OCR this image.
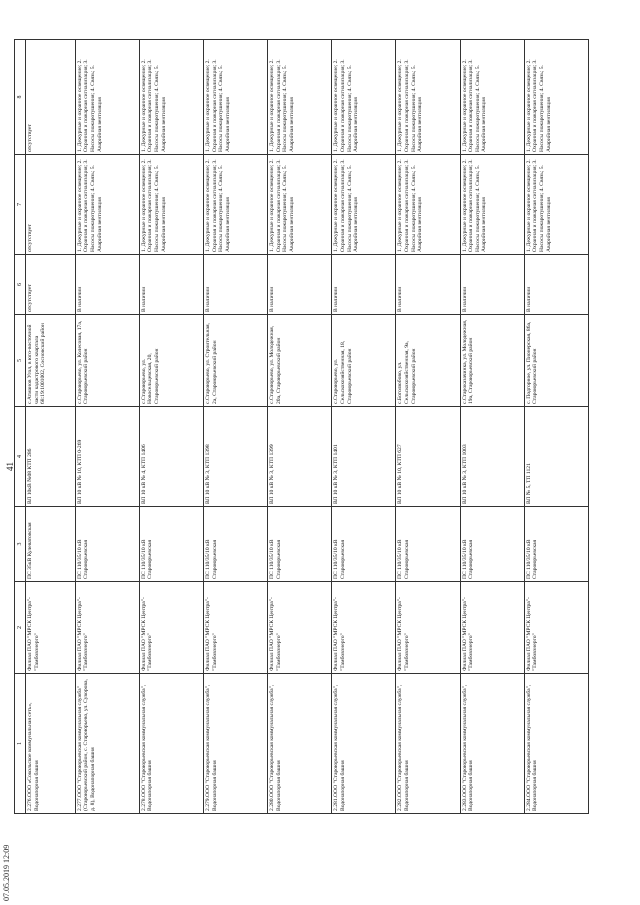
41
1	2	3	4	5	6	7	8
2.276.ООО «Сокольское коммунальная сеть», Водонапорная башня	Филиал ПАО "МРСК Центра"-"Тамбовэнерго"	ПС 35кВ Кулеватовская	ВЛ 10кВ №08 КТП 286	с.Атманов Угол, в юго-восточной части кадастрового квартала 68:19:1001002, Сосновский район	отсутствует	отсутствует	отсутствует
2.277.ООО "Староюрьевская коммунальная служба" (Староюрьевский район, с. Староюрьево, ул. Суворова, д. 8), Водонапорная башня	Филиал ПАО "МРСК Центра"-"Тамбовэнерго"	ПС 110/35/10 кВ Староюрьевская	ВЛ 10 кВ № 10, КТП 0-269	с.Староюрьево, ул. Колесовая, 17а, Староюрьевский район	В наличии	1. Дежурные и охранное освещение; 2. Охранная и пожарная сигнализация; 3. Насосы пожаротушения; 4. Связь; 5. Аварийная вентиляция	1. Дежурные и охранное освещение; 2. Охранная и пожарная сигнализация; 3. Насосы пожаротушения; 4. Связь; 5. Аварийная вентиляция
2.278.ООО "Староюрьевская коммунальная служба", Водонапорная башня	Филиал ПАО "МРСК Центра"-"Тамбовэнерго"	ПС 110/35/10 кВ Староюрьевская	ВЛ 10 кВ № 4, КТП 1406	с.Староюрьево, ул. Новосельцевская, 20, Староюрьевский район	В наличии	1. Дежурные и охранное освещение; 2. Охранная и пожарная сигнализация; 3. Насосы пожаротушения; 4. Связь; 5. Аварийная вентиляция	1. Дежурные и охранное освещение; 2. Охранная и пожарная сигнализация; 3. Насосы пожаротушения; 4. Связь; 5. Аварийная вентиляция
2.279.ООО "Староюрьевская коммунальная служба", Водонапорная башня	Филиал ПАО "МРСК Центра"-"Тамбовэнерго"	ПС 110/35/10 кВ Староюрьевская	ВЛ 10 кВ № 3, КТП 1398	с.Староюрьево, ул. Строительная, 2а, Староюрьевский район	В наличии	1. Дежурные и охранное освещение; 2. Охранная и пожарная сигнализация; 3. Насосы пожаротушения; 4. Связь; 5. Аварийная вентиляция	1. Дежурные и охранное освещение; 2. Охранная и пожарная сигнализация; 3. Насосы пожаротушения; 4. Связь; 5. Аварийная вентиляция
2.280.ООО "Староюрьевская коммунальная служба", Водонапорная башня	Филиал ПАО "МРСК Центра"-"Тамбовэнерго"	ПС 110/35/10 кВ Староюрьевская	ВЛ 10 кВ № 3, КТП 1399	с.Староюрьево, ул. Молодежная, 20а, Староюрьевский район	В наличии	1. Дежурные и охранное освещение; 2. Охранная и пожарная сигнализация; 3. Насосы пожаротушения; 4. Связь; 5. Аварийная вентиляция	1. Дежурные и охранное освещение; 2. Охранная и пожарная сигнализация; 3. Насосы пожаротушения; 4. Связь; 5. Аварийная вентиляция
2.281.ООО "Староюрьевская коммунальная служба", Водонапорная башня	Филиал ПАО "МРСК Центра"-"Тамбовэнерго"	ПС 110/35/10 кВ Староюрьевская	ВЛ 10 кВ № 3, КТП 1401	с.Староюрьево, ул. Сельскохозяйственная, 18, Староюрьевский район	В наличии	1. Дежурные и охранное освещение; 2. Охранная и пожарная сигнализация; 3. Насосы пожаротушения; 4. Связь; 5. Аварийная вентиляция	1. Дежурные и охранное освещение; 2. Охранная и пожарная сигнализация; 3. Насосы пожаротушения; 4. Связь; 5. Аварийная вентиляция
2.282.ООО "Староюрьевская коммунальная служба", Водонапорная башня	Филиал ПАО "МРСК Центра"-"Тамбовэнерго"	ПС 110/35/10 кВ Староюрьевская	ВЛ 10 кВ № 10, КТП 627	с.Боголюбово, ул. Сельскохозяйственная, 9а, Староюрьевский район	В наличии	1. Дежурные и охранное освещение; 2. Охранная и пожарная сигнализация; 3. Насосы пожаротушения; 4. Связь; 5. Аварийная вентиляция	1. Дежурные и охранное освещение; 2. Охранная и пожарная сигнализация; 3. Насосы пожаротушения; 4. Связь; 5. Аварийная вентиляция
2.283.ООО "Староюрьевская коммунальная служба", Водонапорная башня	Филиал ПАО "МРСК Центра"-"Тамбовэнерго"	ПС 110/35/10 кВ Староюрьевская	ВЛ 10 кВ № 3, КТП 1003	с.Староказачинка, ул. Молодежная, 19а, Староюрьевский район	В наличии	1. Дежурные и охранное освещение; 2. Охранная и пожарная сигнализация; 3. Насосы пожаротушения; 4. Связь; 5. Аварийная вентиляция	1. Дежурные и охранное освещение; 2. Охранная и пожарная сигнализация; 3. Насосы пожаротушения; 4. Связь; 5. Аварийная вентиляция
2.284.ООО "Староюрьевская коммунальная служба", Водонапорная башня	Филиал ПАО "МРСК Центра"-"Тамбовэнерго"	ПС 110/35/10 кВ Староюрьевская	ВЛ № 5, ТП 1121	с. Подгорное, ул. Пионерская, 86а, Староюрьевский район	В наличии	1. Дежурные и охранное освещение; 2. Охранная и пожарная сигнализация; 3. Насосы пожаротушения; 4. Связь; 5. Аварийная вентиляция	1. Дежурные и охранное освещение; 2. Охранная и пожарная сигнализация; 3. Насосы пожаротушения; 4. Связь; 5. Аварийная вентиляция
07.05.2019 12:09
